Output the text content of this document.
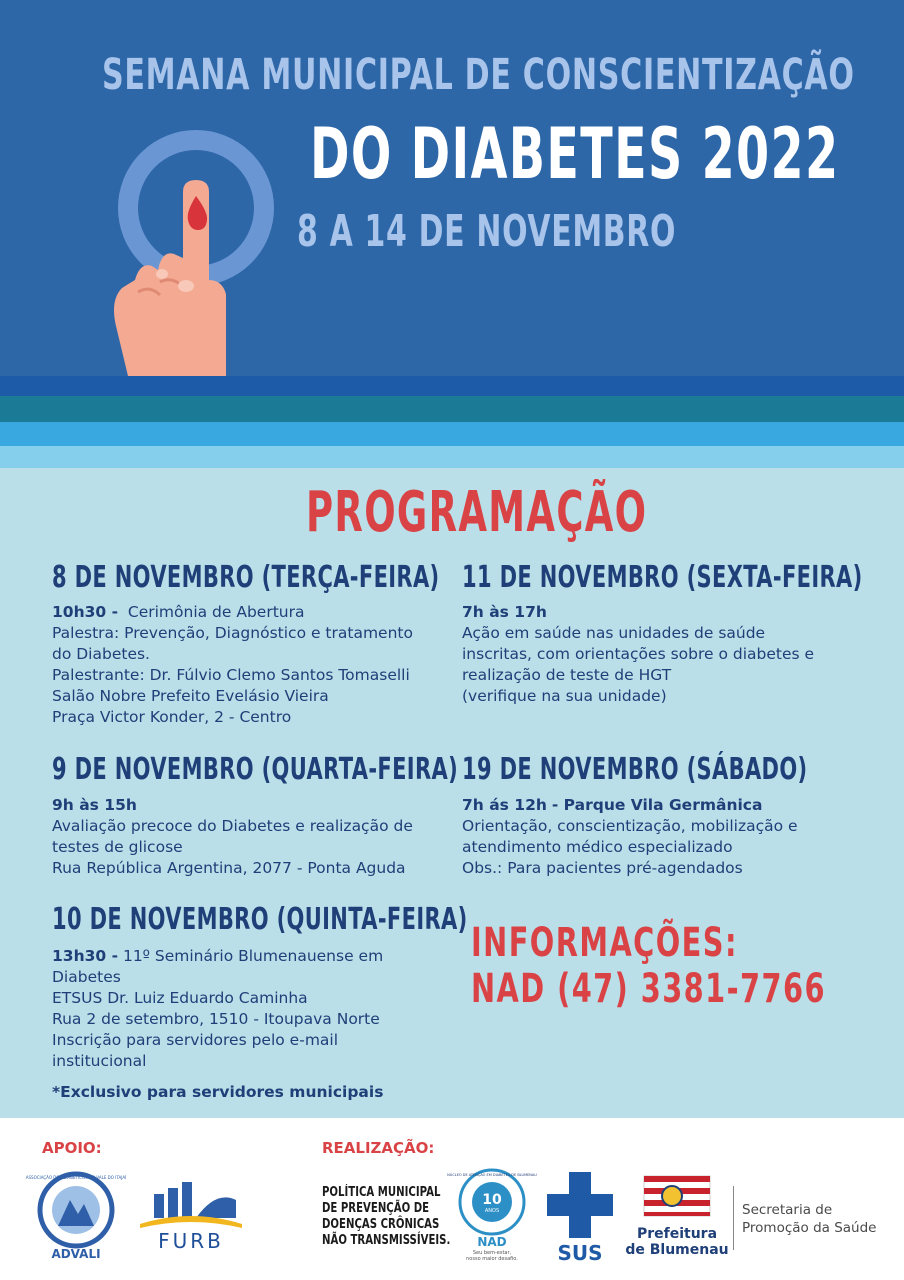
SEMANA MUNICIPAL DE CONSCIENTIZAÇÃO
DO DIABETES 2022
8 A 14 DE NOVEMBRO
PROGRAMAÇÃO
8 DE NOVEMBRO (TERÇA-FEIRA)

10h30 - Cerimônia de Abertura

Palestra: Prevenção, Diagnóstico e tratamento

do Diabetes.

Palestrante: Dr. Fúlvio Clemo Santos Tomaselli

Salão Nobre Prefeito Evelásio Vieira

Praça Victor Konder, 2 - Centro

9 DE NOVEMBRO (QUARTA-FEIRA)

9h às 15h

Avaliação precoce do Diabetes e realização de

testes de glicose

Rua República Argentina, 2077 - Ponta Aguda

10 DE NOVEMBRO (QUINTA-FEIRA)

13h30 - 11º Seminário Blumenauense em

Diabetes

ETSUS Dr. Luiz Eduardo Caminha

Rua 2 de setembro, 1510 - Itoupava Norte

Inscrição para servidores pelo e-mail

institucional

11 DE NOVEMBRO (SEXTA-FEIRA)

7h às 17h

Ação em saúde nas unidades de saúde

inscritas, com orientações sobre o diabetes e

realização de teste de HGT

(verifique na sua unidade)

19 DE NOVEMBRO (SÁBADO)

7h ás 12h - Parque Vila Germânica

Orientação, conscientização, mobilização e

atendimento médico especializado

Obs.: Para pacientes pré-agendados

INFORMAÇÕES:
NAD (47) 3381-7766
*Exclusivo para servidores municipais
APOIO:	REALIZAÇÃO:
ASSOCIAÇÃO DOS DIABÉTICOS DO VALE DO ITAJAÍ
ADVALI
FURB

POLÍTICA MUNICIPAL

DE PREVENÇÃO DE

DOENÇAS CRÔNICAS

NÃO TRANSMISSÍVEIS.

NÚCLEO DE ATENÇÃO EM DIABETES DE BLUMENAU
10
ANOS
NAD
Seu bem-estar,
nosso maior desafio. SUS
Prefeitura
de Blumenau

Secretaria de

Promoção da Saúde
